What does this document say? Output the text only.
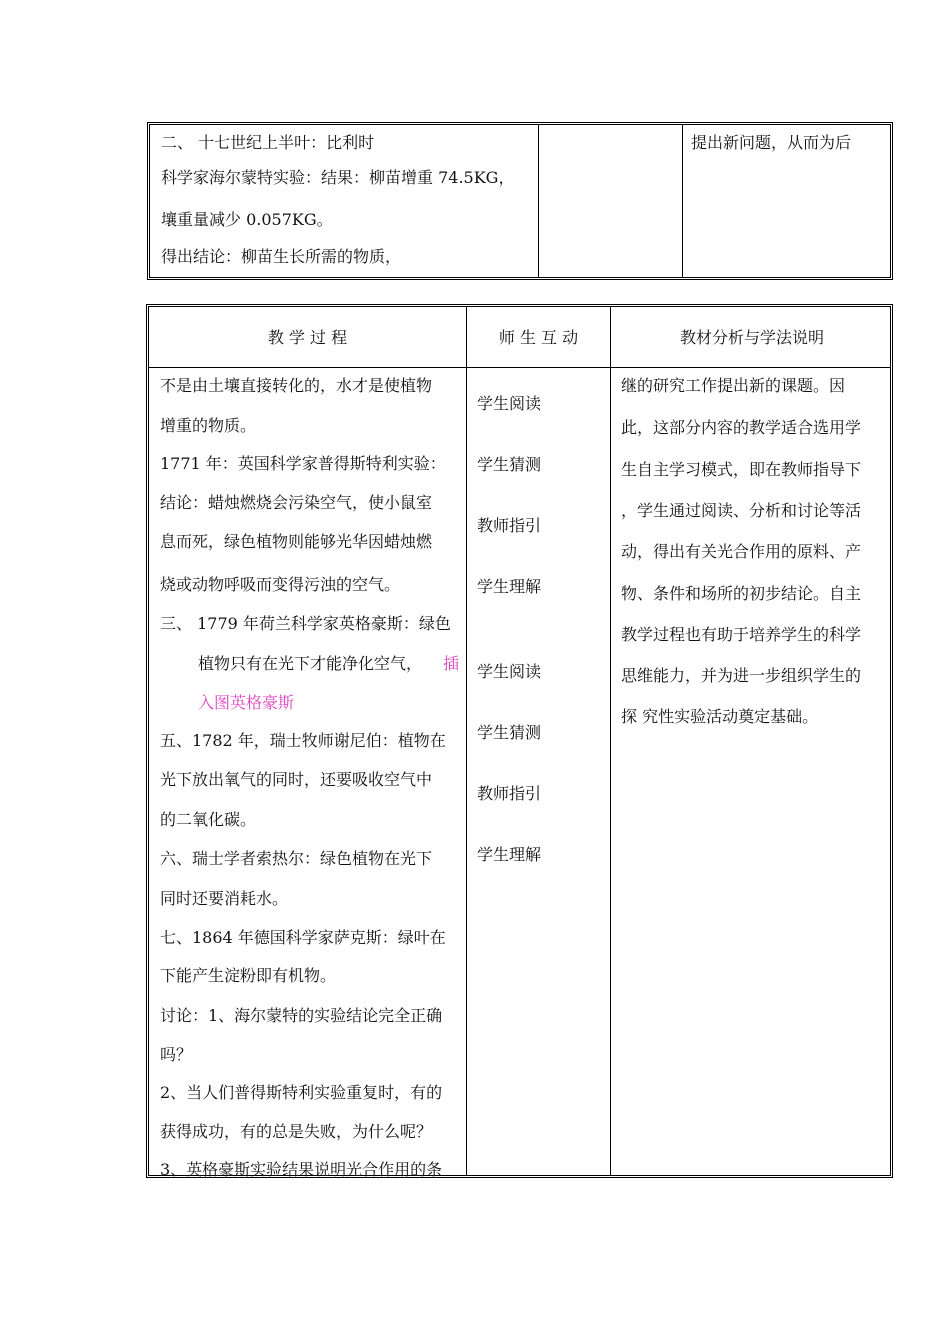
二、 十七世纪上半叶：比利时
科学家海尔蒙特实验：结果：柳苗增重 74.5KG，
壤重量减少 0.057KG。
得出结论：柳苗生长所需的物质，
提出新问题，从而为后
教 学 过 程	师 生 互 动	教材分析与学法说明
不是由土壤直接转化的，水才是使植物
增重的物质。
1771 年：英国科学家普得斯特利实验：
结论：蜡烛燃烧会污染空气，使小鼠室
息而死，绿色植物则能够光华因蜡烛燃
烧或动物呼吸而变得污浊的空气。
三、 1779 年荷兰科学家英格豪斯：绿色
植物只有在光下才能净化空气， 插
入图英格豪斯
五、1782 年，瑞士牧师谢尼伯：植物在
光下放出氧气的同时，还要吸收空气中
的二氧化碳。
六、瑞士学者索热尔：绿色植物在光下
同时还要消耗水。
七、1864 年德国科学家萨克斯：绿叶在
下能产生淀粉即有机物。
讨论：1、海尔蒙特的实验结论完全正确
吗？
2、当人们普得斯特利实验重复时，有的
获得成功，有的总是失败，为什么呢？
3、英格豪斯实验结果说明光合作用的条
学生阅读
学生猜测
教师指引
学生理解
学生阅读
学生猜测
教师指引
学生理解
继的研究工作提出新的课题。因
此，这部分内容的教学适合选用学
生自主学习模式，即在教师指导下
，学生通过阅读、分析和讨论等活
动，得出有关光合作用的原料、产
物、条件和场所的初步结论。自主
教学过程也有助于培养学生的科学
思维能力，并为进一步组织学生的
探 究性实验活动奠定基础。
